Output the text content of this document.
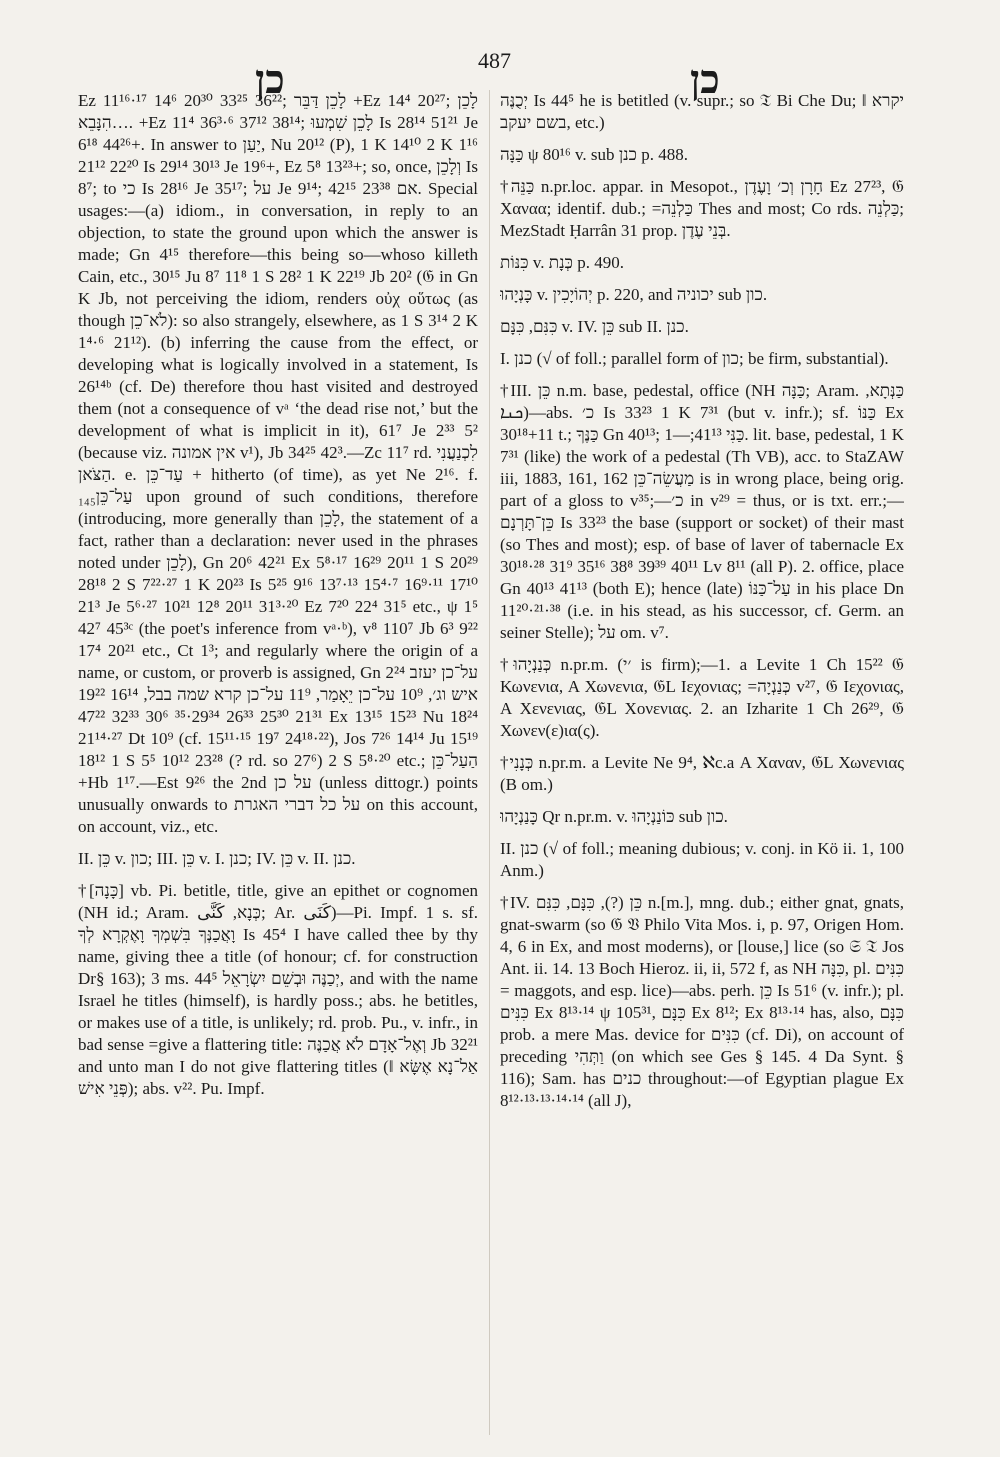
כן	487	כן

Ez 11¹⁶·¹⁷ 14⁶ 20³⁰ 33²⁵ 36²²; לָכֵן דַּבֵּר +Ez 14⁴ 20²⁷; לָכֵן הִנָּבֵא…. +Ez 11⁴ 36³·⁶ 37¹² 38¹⁴; לָכֵן שִׁמְעוּ Is 28¹⁴ 51²¹ Je 6¹⁸ 44²⁶+. In answer to יַעַן, Nu 20¹² (P), 1 K 14¹⁰ 2 K 1¹⁶ 21¹² 22²⁰ Is 29¹⁴ 30¹³ Je 19⁶+, Ez 5⁸ 13²³+; so, once, וְלָכֵן Is 8⁷; to כי Is 28¹⁶ Je 35¹⁷; על Je 9¹⁴; אם 23³⁸ 42¹⁵. Special usages:—(a) idiom., in conversation, in reply to an objection, to state the ground upon which the answer is made; Gn 4¹⁵ therefore—this being so—whoso killeth Cain, etc., 30¹⁵ Ju 8⁷ 11⁸ 1 S 28² 1 K 22¹⁹ Jb 20² (𝔊 in Gn K Jb, not perceiving the idiom, renders οὐχ οὕτως (as though לֹא־כֵן): so also strangely, elsewhere, as 1 S 3¹⁴ 2 K 1⁴·⁶ 21¹²). (b) inferring the cause from the effect, or developing what is logically involved in a statement, Is 26¹⁴ᵇ (cf. De) therefore thou hast visited and destroyed them (not a consequence of vᵃ ‘the dead rise not,’ but the development of what is implicit in it), 61⁷ Je 2³³ 5² (because viz. אין אמונה v¹), Jb 34²⁵ 42³.—Zc 11⁷ rd. לִכְנַעֲנִי הַצֹּאן. e. עַד־כֵּן + hitherto (of time), as yet Ne 2¹⁶. f. עַל־כֵּן₁₄₅ upon ground of such conditions, therefore (introducing, more generally than לָכֵן, the statement of a fact, rather than a declaration: never used in the phrases noted under לָכֵן), Gn 20⁶ 42²¹ Ex 5⁸·¹⁷ 16²⁹ 20¹¹ 1 S 20²⁹ 28¹⁸ 2 S 7²²·²⁷ 1 K 20²³ Is 5²⁵ 9¹⁶ 13⁷·¹³ 15⁴·⁷ 16⁹·¹¹ 17¹⁰ 21³ Je 5⁶·²⁷ 10²¹ 12⁸ 20¹¹ 31³·²⁰ Ez 7²⁰ 22⁴ 31⁵ etc., ψ 1⁵ 42⁷ 45³ᶜ (the poet's inference from vᵃ·ᵇ), v⁸ 110⁷ Jb 6³ 9²² 17⁴ 20²¹ etc., Ct 1³; and regularly where the origin of a name, or custom, or proverb is assigned, Gn 2²⁴ על־כן יעזב איש וג׳, 10⁹ על־כן יֵאָמַר, 11⁹ על־כן קרא שמה בבל, 16¹⁴ 19²² 21³¹ 25³⁰ 26³³ 29³⁴·³⁵ 30⁶ 32³³ 47²² Ex 13¹⁵ 15²³ Nu 18²⁴ 21¹⁴·²⁷ Dt 10⁹ (cf. 15¹¹·¹⁵ 19⁷ 24¹⁸·²²), Jos 7²⁶ 14¹⁴ Ju 15¹⁹ 18¹² 1 S 5⁵ 10¹² 23²⁸ (? rd. so 27⁶) 2 S 5⁸·²⁰ etc.; הַעַל־כֵּן +Hb 1¹⁷.—Est 9²⁶ the 2nd על כן (unless dittogr.) points unusually onwards to על כל דברי האגרת on this account, on account, viz., etc.

II. כֵּן v. כון; III. כֵּן v. I. כנן; IV. כֵּן v. II. כנן.

†[כָּנָה] vb. Pi. betitle, title, give an epithet or cognomen (NH id.; Aram. כְּנָא, كَنَّى; Ar. كَنَى)—Pi. Impf. 1 s. sf. וָאֲכַנְּךָ בִּשְׁמְךָ וָאֶקְרָא לְךָ Is 45⁴ I have called thee by thy name, giving thee a title (of honour; cf. for construction Dr§ 163); 3 ms. יְכַנֶּה וּבְשֵׁם יִשְׂרָאֵל 44⁵, and with the name Israel he titles (himself), is hardly poss.; abs. he betitles, or makes use of a title, is unlikely; rd. prob. Pu., v. infr., in bad sense =give a flattering title: וְאֶל־אָדָם לֹא אֲכַנֶּה Jb 32²¹ and unto man I do not give flattering titles (‖ אַל־נָא אֶשָּׂא פְּנֵי אִישׁ); abs. v²². Pu. Impf.

יְכֻנֶּה Is 44⁵ he is betitled (v. supr.; so 𝔗 Bi Che Du; ‖ יקרא בשם יעקב, etc.)

כַּנָּה ψ 80¹⁶ v. sub כנן p. 488.

†כַּנֵּה n.pr.loc. appar. in Mesopot., חָרָן וְכ׳ וָעֶדֶן Ez 27²³, 𝔊 Χαναα; identif. dub.; =כַּלְנֵה Thes and most; Co rds. כַּלְנֵה; MezStadt Ḥarrân 31 prop. בְּנֵי עֶדֶן.

כִּנּוֹת v. כְּנָת p. 490.

כָּנְיָהוּ v. יְהוֹיָכִין p. 220, and יכוניה sub כון.

כִּנִּם, כִּנָּם v. IV. כֵּן sub II. כנן.

I. כנן (√ of foll.; parallel form of כון; be firm, substantial).

†III. כֵּן n.m. base, pedestal, office (NH כַּנָּה; Aram. כַּנְּתָא, ܟܢܐ)—abs. כ׳ Is 33²³ 1 K 7³¹ (but v. infr.); sf. כַּנּוֹ Ex 30¹⁸+11 t.; כַּנֶּךָ Gn 40¹³; כַּנִּי 41¹³;—1. lit. base, pedestal, 1 K 7³¹ (like) the work of a pedestal (Th VB), acc. to StaZAW iii, 1883, 161, 162 מַעֲשֵׂה־כֵּן is in wrong place, being orig. part of a gloss to v³⁵;—כ׳ in v²⁹ = thus, or is txt. err.;—כֵּן־תָּרְנָם Is 33²³ the base (support or socket) of their mast (so Thes and most); esp. of base of laver of tabernacle Ex 30¹⁸·²⁸ 31⁹ 35¹⁶ 38⁸ 39³⁹ 40¹¹ Lv 8¹¹ (all P). 2. office, place Gn 40¹³ 41¹³ (both E); hence (late) עַל־כַּנּוֹ in his place Dn 11²⁰·²¹·³⁸ (i.e. in his stead, as his successor, cf. Germ. an seiner Stelle); על om. v⁷.

†כְּנַנְיָהוּ n.pr.m. (׳י is firm);—1. a Levite 1 Ch 15²² 𝔊 Κωνενια, Α Χωνενια, 𝔊L Ιεχονιας; =כְּנַנְיָה v²⁷, 𝔊 Ιεχονιας, Α Χενενιας, 𝔊L Χονενιας. 2. an Izharite 1 Ch 26²⁹, 𝔊 Χωνεν(ε)ια(ς).

†כְּנָנִי n.pr.m. a Levite Ne 9⁴, ℵc.a Α Χαναν, 𝔊L Χωνενιας (B om.)

כָּנַנְיָהוּ Qr n.pr.m. v. כּוֹנַנְיָהוּ sub כון.

II. כנן (√ of foll.; meaning dubious; v. conj. in Kö ii. 1, 100 Anm.)

†IV. כֵּן (?), כִּנָּם, כִּנִּם n.[m.], mng. dub.; either gnat, gnats, gnat-swarm (so 𝔊 𝔙 Philo Vita Mos. i, p. 97, Origen Hom. 4, 6 in Ex, and most moderns), or [louse,] lice (so 𝔖 𝔗 Jos Ant. ii. 14. 13 Boch Hieroz. ii, ii, 572 f, as NH כִּנָּה, pl. כִּנִּים = maggots, and esp. lice)—abs. perh. כֵּן Is 51⁶ (v. infr.); pl. כִּנִּים Ex 8¹³·¹⁴ ψ 105³¹, כִּנָּם Ex 8¹²; Ex 8¹³·¹⁴ has, also, כִּנָּם prob. a mere Mas. device for כִּנִּים (cf. Di), on account of preceding וַתְּהִי (on which see Ges § 145. 4 Da Synt. § 116); Sam. has כנים throughout:—of Egyptian plague Ex 8¹²·¹³·¹³·¹⁴·¹⁴ (all J),
